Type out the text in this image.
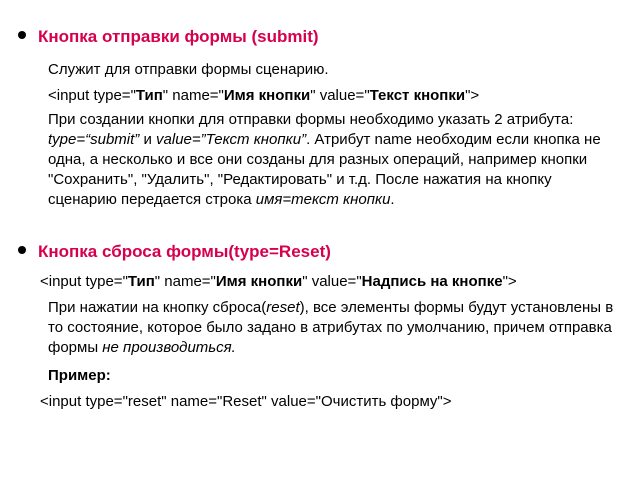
Кнопка отправки формы (submit)
Служит для отправки формы сценарию.
<input type="Тип" name="Имя кнопки" value="Текст кнопки">
При создании кнопки для отправки формы необходимо указать 2 атрибута: type=“submit” и value=”Текст кнопки”. Атрибут name необходим если кнопка не одна, а несколько и все они созданы для разных операций, например кнопки "Сохранить", "Удалить", "Редактировать" и т.д. После нажатия на кнопку сценарию передается строка имя=текст кнопки.
Кнопка сброса формы(type=Reset)
<input type="Тип" name="Имя кнопки" value="Надпись на кнопке">
При нажатии на кнопку сброса(reset), все элементы формы будут установлены в то состояние, которое было задано в атрибутах по умолчанию, причем отправка формы не производиться.
Пример:
<input type="reset" name="Reset" value="Очистить форму">
